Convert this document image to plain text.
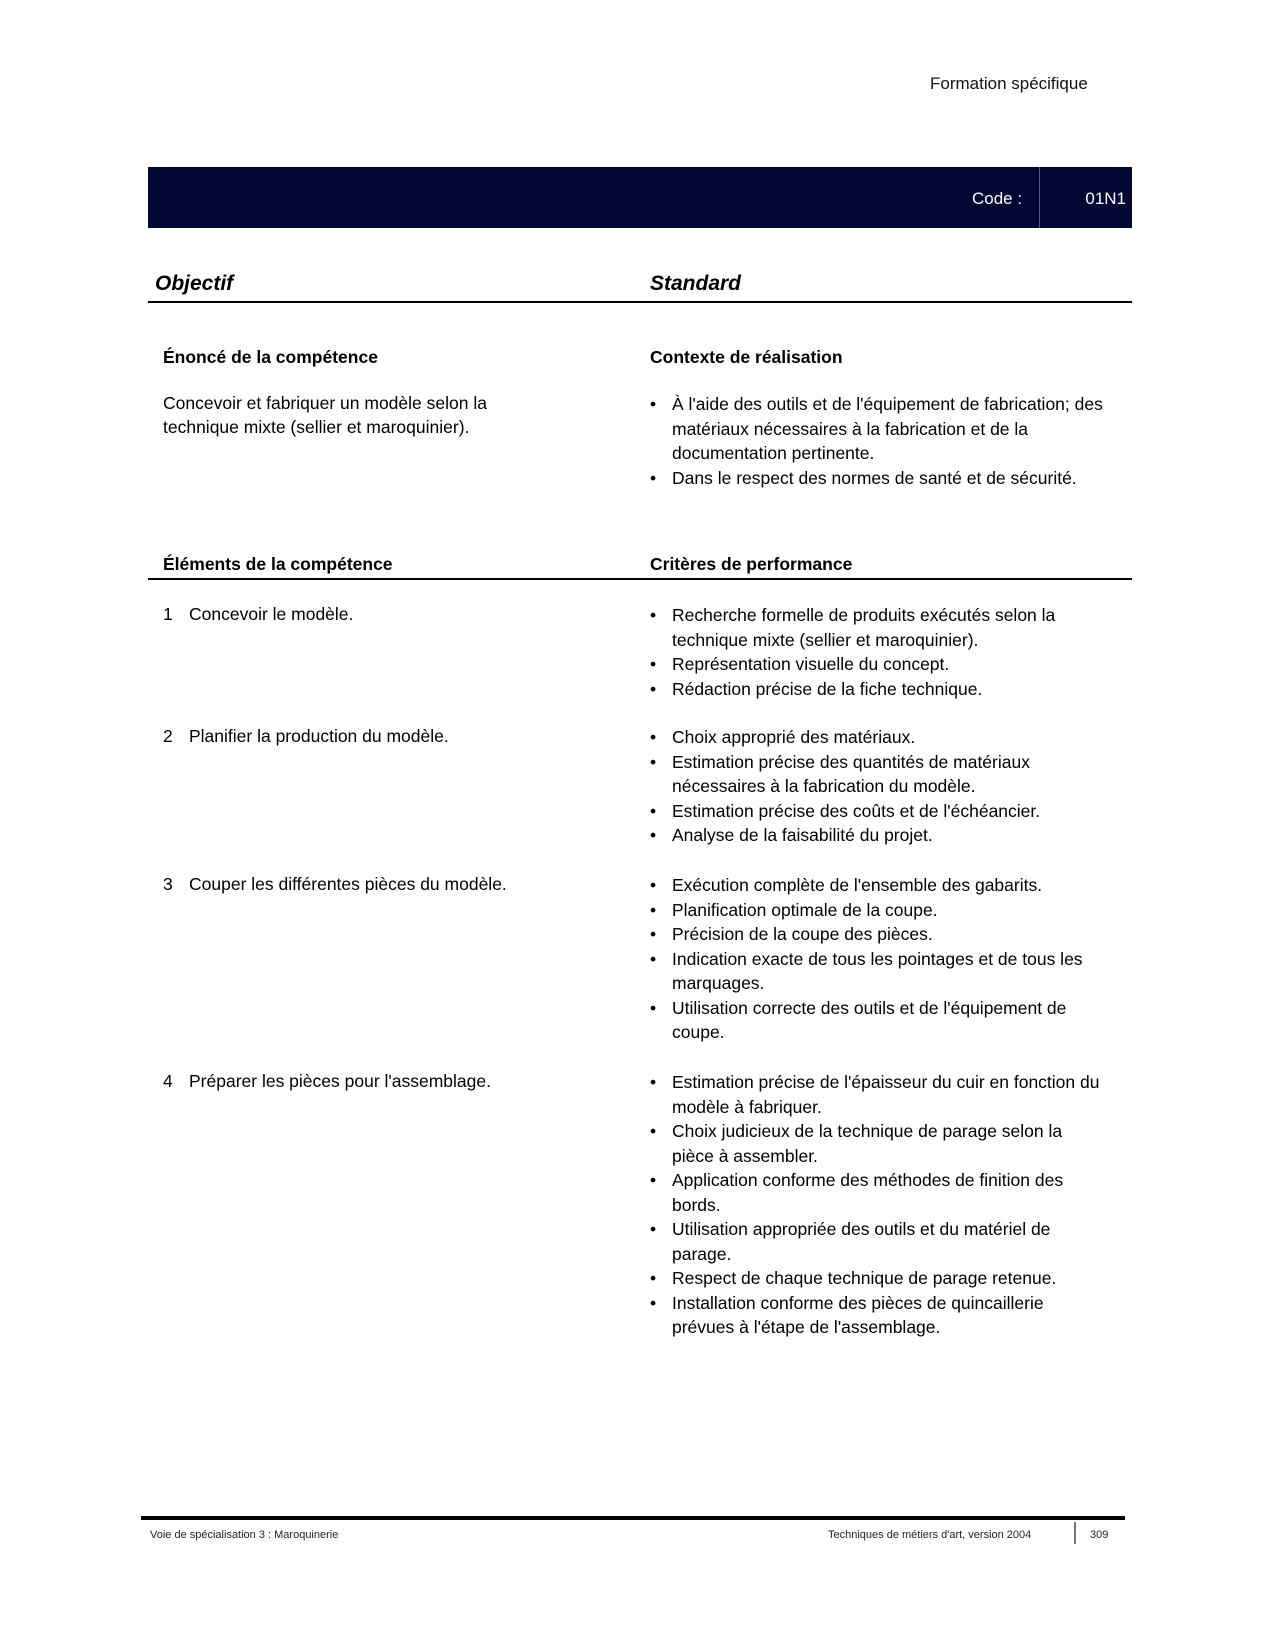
Formation spécifique
Code :	01N1
Objectif	Standard
Énoncé de la compétence	Contexte de réalisation
Concevoir et fabriquer un modèle selon la technique mixte (sellier et maroquinier).
• À l'aide des outils et de l'équipement de fabrication; des matériaux nécessaires à la fabrication et de la documentation pertinente.
• Dans le respect des normes de santé et de sécurité.
Éléments de la compétence	Critères de performance
1 Concevoir le modèle.	• Recherche formelle de produits exécutés selon la technique mixte (sellier et maroquinier).
• Représentation visuelle du concept.
• Rédaction précise de la fiche technique.
2 Planifier la production du modèle.	• Choix approprié des matériaux.
• Estimation précise des quantités de matériaux nécessaires à la fabrication du modèle.
• Estimation précise des coûts et de l'échéancier.
• Analyse de la faisabilité du projet.
3 Couper les différentes pièces du modèle.	• Exécution complète de l'ensemble des gabarits.
• Planification optimale de la coupe.
• Précision de la coupe des pièces.
• Indication exacte de tous les pointages et de tous les marquages.
• Utilisation correcte des outils et de l'équipement de coupe.
4 Préparer les pièces pour l'assemblage.	• Estimation précise de l'épaisseur du cuir en fonction du modèle à fabriquer.
• Choix judicieux de la technique de parage selon la pièce à assembler.
• Application conforme des méthodes de finition des bords.
• Utilisation appropriée des outils et du matériel de parage.
• Respect de chaque technique de parage retenue.
• Installation conforme des pièces de quincaillerie prévues à l'étape de l'assemblage.
Voie de spécialisation 3 : Maroquinerie	Techniques de métiers d'art, version 2004	309
